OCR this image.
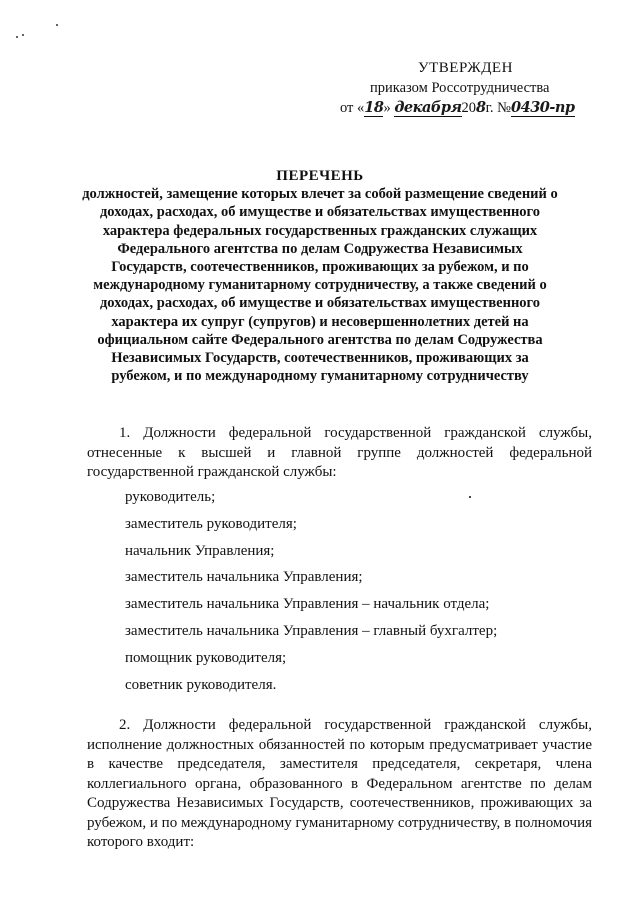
УТВЕРЖДЕН
приказом Россотрудничества
от «18» декабря208г. №0430-пр
ПЕРЕЧЕНЬ
должностей, замещение которых влечет за собой размещение сведений о доходах, расходах, об имуществе и обязательствах имущественного характера федеральных государственных гражданских служащих Федерального агентства по делам Содружества Независимых Государств, соотечественников, проживающих за рубежом, и по международному гуманитарному сотрудничеству, а также сведений о доходах, расходах, об имуществе и обязательствах имущественного характера их супруг (супругов) и несовершеннолетних детей на официальном сайте Федерального агентства по делам Содружества Независимых Государств, соотечественников, проживающих за рубежом, и по международному гуманитарному сотрудничеству
1. Должности федеральной государственной гражданской службы, отнесенные к высшей и главной группе должностей федеральной государственной гражданской службы:
руководитель;
заместитель руководителя;
начальник Управления;
заместитель начальника Управления;
заместитель начальника Управления – начальник отдела;
заместитель начальника Управления – главный бухгалтер;
помощник руководителя;
советник руководителя.
2. Должности федеральной государственной гражданской службы, исполнение должностных обязанностей по которым предусматривает участие в качестве председателя, заместителя председателя, секретаря, члена коллегиального органа, образованного в Федеральном агентстве по делам Содружества Независимых Государств, соотечественников, проживающих за рубежом, и по международному гуманитарному сотрудничеству, в полномочия которого входит:
